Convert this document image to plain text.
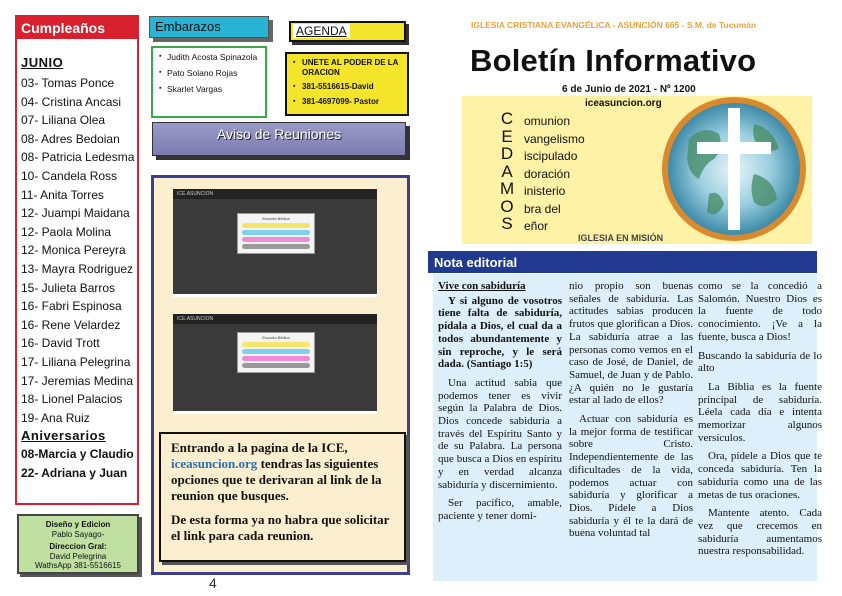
Cumpleaños
JUNIO
03- Tomas Ponce
04- Cristina Ancasi
07- Liliana Olea
08- Adres Bedoian
08- Patricia Ledesma
10- Candela Ross
11- Anita Torres
12- Juampi Maidana
12- Paola Molina
12- Monica Pereyra
13- Mayra Rodriguez
15- Julieta Barros
16- Fabri Espinosa
16- Rene Velardez
16- David Trott
17- Liliana Pelegrina
17- Jeremias Medina
18- Lionel Palacios
19- Ana Ruiz
Aniversarios
08-Marcia y Claudio
22- Adriana y Juan
Diseño y Edicion
Pablo Sayago-
Direccion Gral:
David Pelegrina
WathsApp 381-5516615
Embarazos
▪ Judith Acosta Spinazola
▪ Pato Solano Rojas
▪ Skarlet Vargas
AGENDA
▪ UNETE AL PODER DE LA ORACION
▪ 381-5516615-David
▪ 381-4697099- Pastor
Aviso de Reuniones
ICE.ASUNCION
Escuela Bíblica
ICE.ASUNCION
Escuela Bíblica

Entrando a la pagina de la ICE,
iceasuncion.org tendras las siguientes opciones que te derivaran al link de la reunion que busques.

De esta forma ya no habra que solicitar el link para cada reunion.

4
IGLESIA CRISTIANA EVANGÉLICA - ASUNCIÓN 665 - S.M. de Tucumán
Boletín Informativo
C
E
D
A
M
O
S
omunion
vangelismo
iscipulado
doración
inisterio
bra del
eñor
IGLESIA EN MISIÓN
6 de Junio de 2021 - Nº 1200
iceasuncion.org
Nota editorial

Vive con sabiduría

Y si alguno de vosotros tiene falta de sabiduría, pídala a Dios, el cual da a todos abundantemente y sin reproche, y le será dada. (Santiago 1:5)

Una actitud sabia que podemos tener es vivir según la Palabra de Dios. Dios concede sabiduría a través del Espíritu Santo y de su Palabra. La persona que busca a Dios en espíritu y en verdad alcanza sabiduría y discernimiento.

Ser pacífico, amable, paciente y tener domi-

nio propio son buenas señales de sabiduría. Las actitudes sabias producen frutos que glorifican a Dios. La sabiduría atrae a las personas como vemos en el caso de José, de Daniel, de Samuel, de Juan y de Pablo. ¿A quién no le gustaría estar al lado de ellos?

Actuar con sabiduría es la mejor forma de testificar sobre Cristo. Independientemente de las dificultades de la vida, podemos actuar con sabiduría y glorificar a Dios. Pídele a Dios sabiduría y él te la dará de buena voluntad tal

como se la concedió a Salomón. Nuestro Dios es la fuente de todo conocimiento. ¡Ve a la fuente, busca a Dios!

Buscando la sabiduría de lo alto

La Biblia es la fuente principal de sabiduría. Léela cada día e intenta memorizar algunos versículos.

Ora, pídele a Dios que te conceda sabiduría. Ten la sabiduría como una de las metas de tus oraciones.

Mantente atento. Cada vez que crecemos en sabiduría aumentamos nuestra responsabilidad.
